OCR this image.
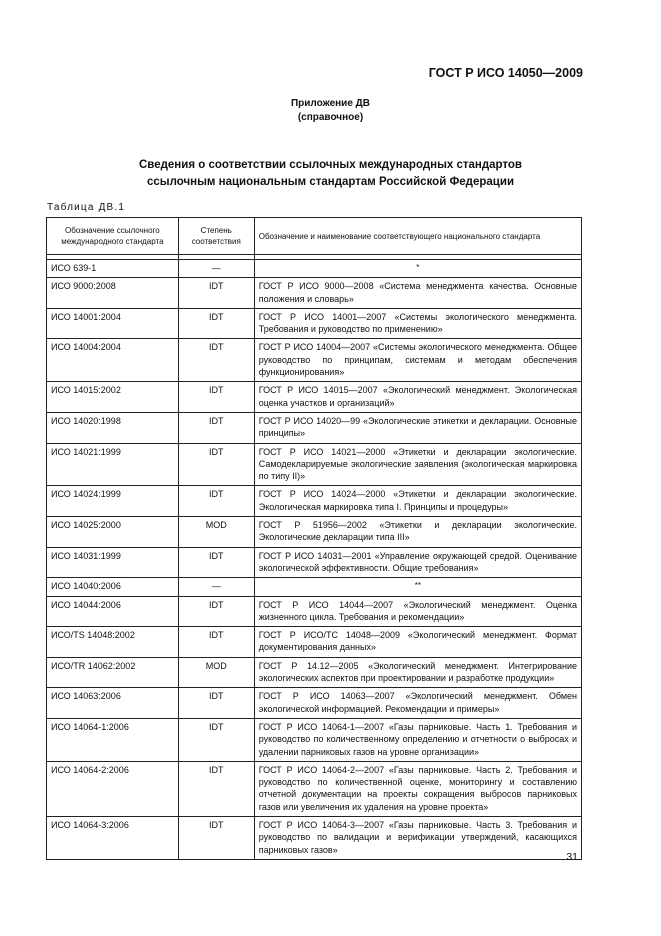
ГОСТ Р ИСО 14050—2009
Приложение ДВ
(справочное)
Сведения о соответствии ссылочных международных стандартов
ссылочным национальным стандартам Российской Федерации
Таблица ДВ.1
Обозначение ссылочного международного стандарта	Степень соответствия	Обозначение и наименование соответствующего национального стандарта

ИСО 639-1	—	*
ИСО 9000:2008	IDT	ГОСТ Р ИСО 9000—2008 «Система менеджмента качества. Основные положения и словарь»
ИСО 14001:2004	IDT	ГОСТ Р ИСО 14001—2007 «Системы экологического менеджмента. Требования и руководство по применению»
ИСО 14004:2004	IDT	ГОСТ Р ИСО 14004—2007 «Системы экологического менеджмента. Общее руководство по принципам, системам и методам обеспечения функционирования»
ИСО 14015:2002	IDT	ГОСТ Р ИСО 14015—2007 «Экологический менеджмент. Экологическая оценка участков и организаций»
ИСО 14020:1998	IDT	ГОСТ Р ИСО 14020—99 «Экологические этикетки и декларации. Основные принципы»
ИСО 14021:1999	IDT	ГОСТ Р ИСО 14021—2000 «Этикетки и декларации экологические. Самодекларируемые экологические заявления (экологическая маркировка по типу II)»
ИСО 14024:1999	IDT	ГОСТ Р ИСО 14024—2000 «Этикетки и декларации экологические. Экологическая маркировка типа I. Принципы и процедуры»
ИСО 14025:2000	MOD	ГОСТ Р 51956—2002 «Этикетки и декларации экологические. Экологические декларации типа III»
ИСО 14031:1999	IDT	ГОСТ Р ИСО 14031—2001 «Управление окружающей средой. Оценивание экологической эффективности. Общие требования»
ИСО 14040:2006	—	**
ИСО 14044:2006	IDT	ГОСТ Р ИСО 14044—2007 «Экологический менеджмент. Оценка жизненного цикла. Требования и рекомендации»
ИСО/TS 14048:2002	IDT	ГОСТ Р ИСО/ТС 14048—2009 «Экологический менеджмент. Формат документирования данных»
ИСО/TR 14062:2002	MOD	ГОСТ Р 14.12—2005 «Экологический менеджмент. Интегрирование экологических аспектов при проектировании и разработке продукции»
ИСО 14063:2006	IDT	ГОСТ Р ИСО 14063—2007 «Экологический менеджмент. Обмен экологической информацией. Рекомендации и примеры»
ИСО 14064-1:2006	IDT	ГОСТ Р ИСО 14064-1—2007 «Газы парниковые. Часть 1. Требования и руководство по количественному определению и отчетности о выбросах и удалении парниковых газов на уровне организации»
ИСО 14064-2:2006	IDT	ГОСТ Р ИСО 14064-2—2007 «Газы парниковые. Часть 2. Требования и руководство по количественной оценке, мониторингу и составлению отчетной документации на проекты сокращения выбросов парниковых газов или увеличения их удаления на уровне проекта»
ИСО 14064-3:2006	IDT	ГОСТ Р ИСО 14064-3—2007 «Газы парниковые. Часть 3. Требования и руководство по валидации и верификации утверждений, касающихся парниковых газов»
31
